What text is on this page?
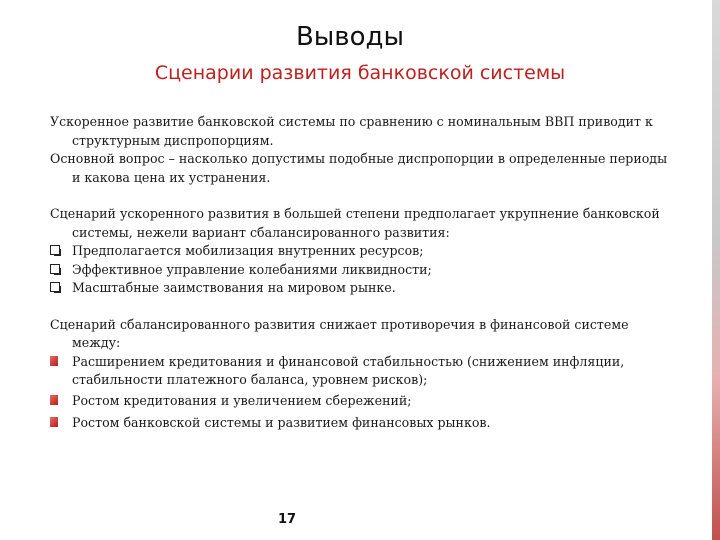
Выводы
Сценарии развития банковской системы

Ускоренное развитие банковской системы по сравнению с номинальным ВВП приводит к структурным диспропорциям.

Основной вопрос – насколько допустимы подобные диспропорции в определенные периоды и какова цена их устранения.

Сценарий ускоренного развития в большей степени предполагает укрупнение банковской системы, нежели вариант сбалансированного развития:

Предполагается мобилизация внутренних ресурсов;
Эффективное управление колебаниями ликвидности;
Масштабные заимствования на мировом рынке.

Сценарий сбалансированного развития снижает противоречия в финансовой системе между:

Расширением кредитования и финансовой стабильностью (снижением инфляции, стабильности платежного баланса, уровнем рисков);
Ростом кредитования и увеличением сбережений;
Ростом банковской системы и развитием финансовых рынков.
17
